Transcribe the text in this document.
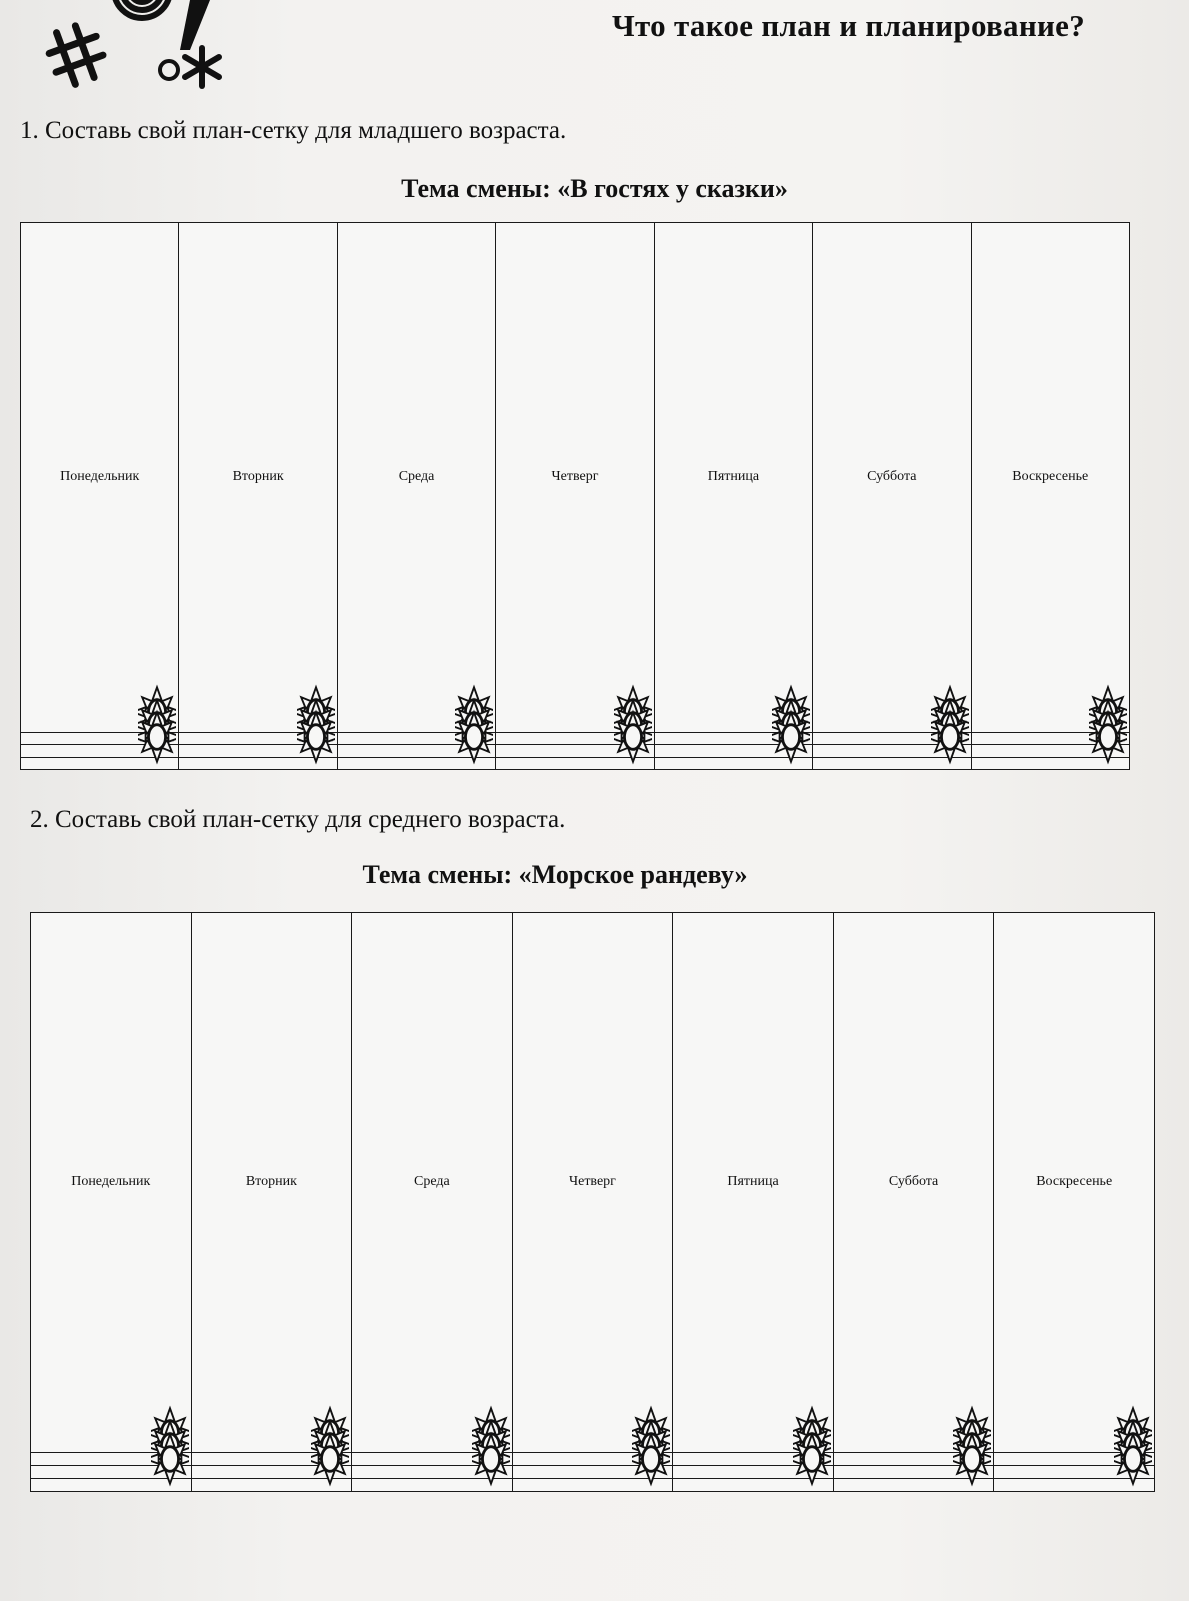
Что такое план и планирование?
1. Составь свой план-сетку для младшего возраста.
Тема смены: «В гостях у сказки»
Понедельник	Вторник	Среда	Четверг	Пятница	Суббота	Воскресенье

2. Составь свой план-сетку для среднего возраста.
Тема смены: «Морское рандеву»
Понедельник	Вторник	Среда	Четверг	Пятница	Суббота	Воскресенье
